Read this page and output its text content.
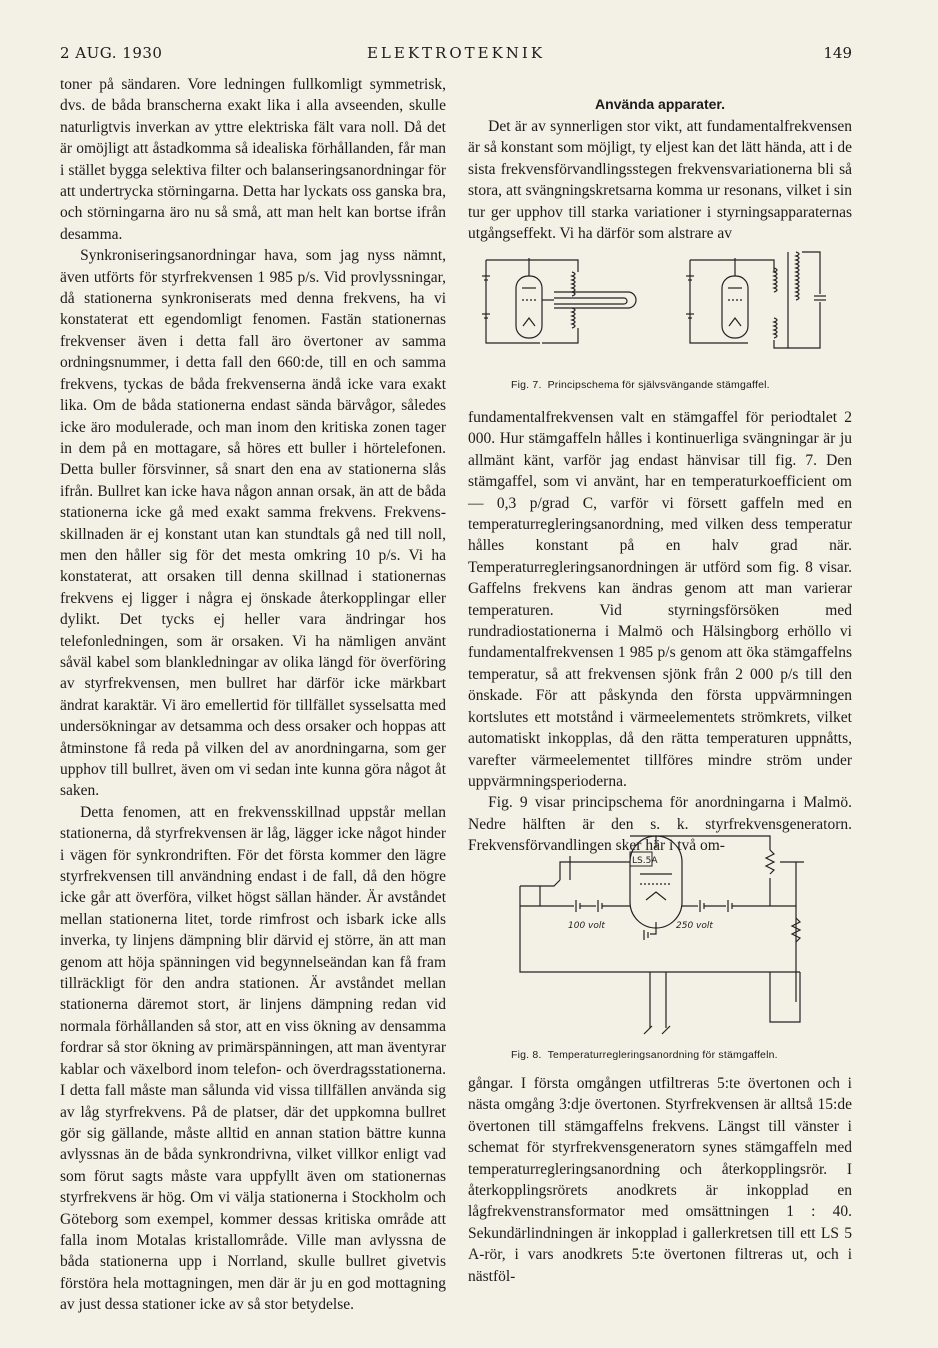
2 AUG. 1930	ELEKTROTEKNIK	149

toner på sändaren. Vore ledningen fullkomligt symmetrisk, dvs. de båda branscherna exakt lika i alla avseenden, skulle naturligtvis inverkan av yttre elektriska fält vara noll. Då det är omöjligt att åstadkomma så idealiska förhållanden, får man i stället bygga selektiva filter och balanseringsanordningar för att undertrycka störningarna. Detta har lyckats oss ganska bra, och störningarna äro nu så små, att man helt kan bortse ifrån desamma.

Synkroniseringsanordningar hava, som jag nyss nämnt, även utförts för styrfrekvensen 1 985 p/s. Vid provlyssningar, då stationerna synkroniserats med denna frekvens, ha vi konstaterat ett egendomligt fenomen. Fastän stationernas frekvenser även i detta fall äro övertoner av samma ordningsnummer, i detta fall den 660:de, till en och samma frekvens, tyckas de båda frekvenserna ändå icke vara exakt lika. Om de båda stationerna endast sända bärvågor, således icke äro modulerade, och man inom den kritiska zonen tager in dem på en mottagare, så höres ett buller i hörtelefonen. Detta buller försvinner, så snart den ena av stationerna slås ifrån. Bullret kan icke hava någon annan orsak, än att de båda stationerna icke gå med exakt samma frekvens. Frekvensskillnaden är ej konstant utan kan stundtals gå ned till noll, men den håller sig för det mesta omkring 10 p/s. Vi ha konstaterat, att orsaken till denna skillnad i stationernas frekvens ej ligger i några ej önskade återkopplingar eller dylikt. Det tycks ej heller vara ändringar hos telefonledningen, som är orsaken. Vi ha nämligen använt såväl kabel som blankledningar av olika längd för överföring av styrfrekvensen, men bullret har därför icke märkbart ändrat karaktär. Vi äro emellertid för tillfället sysselsatta med undersökningar av detsamma och dess orsaker och hoppas att åtminstone få reda på vilken del av anordningarna, som ger upphov till bullret, även om vi sedan inte kunna göra något åt saken.

Detta fenomen, att en frekvensskillnad uppstår mellan stationerna, då styrfrekvensen är låg, lägger icke något hinder i vägen för synkrondriften. För det första kommer den lägre styrfrekvensen till användning endast i de fall, då den högre icke går att överföra, vilket högst sällan händer. Är avståndet mellan stationerna litet, torde rimfrost och isbark icke alls inverka, ty linjens dämpning blir därvid ej större, än att man genom att höja spänningen vid begynnelseändan kan få fram tillräckligt för den andra stationen. Är avståndet mellan stationerna däremot stort, är linjens dämpning redan vid normala förhållanden så stor, att en viss ökning av densamma fordrar så stor ökning av primärspänningen, att man äventyrar kablar och växelbord inom telefon- och överdragsstationerna. I detta fall måste man sålunda vid vissa tillfällen använda sig av låg styrfrekvens. På de platser, där det uppkomna bullret gör sig gällande, måste alltid en annan station bättre kunna avlyssnas än de båda synkrondrivna, vilket villkor enligt vad som förut sagts måste vara uppfyllt även om stationernas styrfrekvens är hög. Om vi välja stationerna i Stockholm och Göteborg som exempel, kommer dessas kritiska område att falla inom Motalas kristallområde. Ville man avlyssna de båda stationerna upp i Norrland, skulle bullret givetvis förstöra hela mottagningen, men där är ju en god mottagning av just dessa stationer icke av så stor betydelse.

Använda apparater.

Det är av synnerligen stor vikt, att fundamentalfrekvensen är så konstant som möjligt, ty eljest kan det lätt hända, att i de sista frekvensförvandlingsstegen frekvensvariationerna bli så stora, att svängningskretsarna komma ur resonans, vilket i sin tur ger upphov till starka variationer i styrningsapparaternas utgångseffekt. Vi ha därför som alstrare av

Fig. 7. Principschema för självsvängande stämgaffel.

fundamentalfrekvensen valt en stämgaffel för periodtalet 2 000. Hur stämgaffeln hålles i kontinuerliga svängningar är ju allmänt känt, varför jag endast hänvisar till fig. 7. Den stämgaffel, som vi använt, har en temperaturkoefficient om — 0,3 p/grad C, varför vi försett gaffeln med en temperaturregleringsanordning, med vilken dess temperatur hålles konstant på en halv grad när. Temperaturregleringsanordningen är utförd som fig. 8 visar. Gaffelns frekvens kan ändras genom att man varierar temperaturen. Vid styrningsförsöken med rundradiostationerna i Malmö och Hälsingborg erhöllo vi fundamentalfrekvensen 1 985 p/s genom att öka stämgaffelns temperatur, så att frekvensen sjönk från 2 000 p/s till den önskade. För att påskynda den första uppvärmningen kortslutes ett motstånd i värmeelementets strömkrets, vilket automatiskt inkopplas, då den rätta temperaturen uppnåtts, varefter värmeelementet tillföres mindre ström under uppvärmningsperioderna.

Fig. 9 visar principschema för anordningarna i Malmö. Nedre hälften är den s. k. styrfrekvensgeneratorn. Frekvensförvandlingen sker här i två om-

LS.5A
100 volt	250 volt
Fig. 8. Temperaturregleringsanordning för stämgaffeln.

gångar. I första omgången utfiltreras 5:te övertonen och i nästa omgång 3:dje övertonen. Styrfrekvensen är alltså 15:de övertonen till stämgaffelns frekvens. Längst till vänster i schemat för styrfrekvensgeneratorn synes stämgaffeln med temperaturregleringsanordning och återkopplingsrör. I återkopplingsrörets anodkrets är inkopplad en lågfrekvenstransformator med omsättningen 1 : 40. Sekundärlindningen är inkopplad i gallerkretsen till ett LS 5 A-rör, i vars anodkrets 5:te övertonen filtreras ut, och i nästföl-
